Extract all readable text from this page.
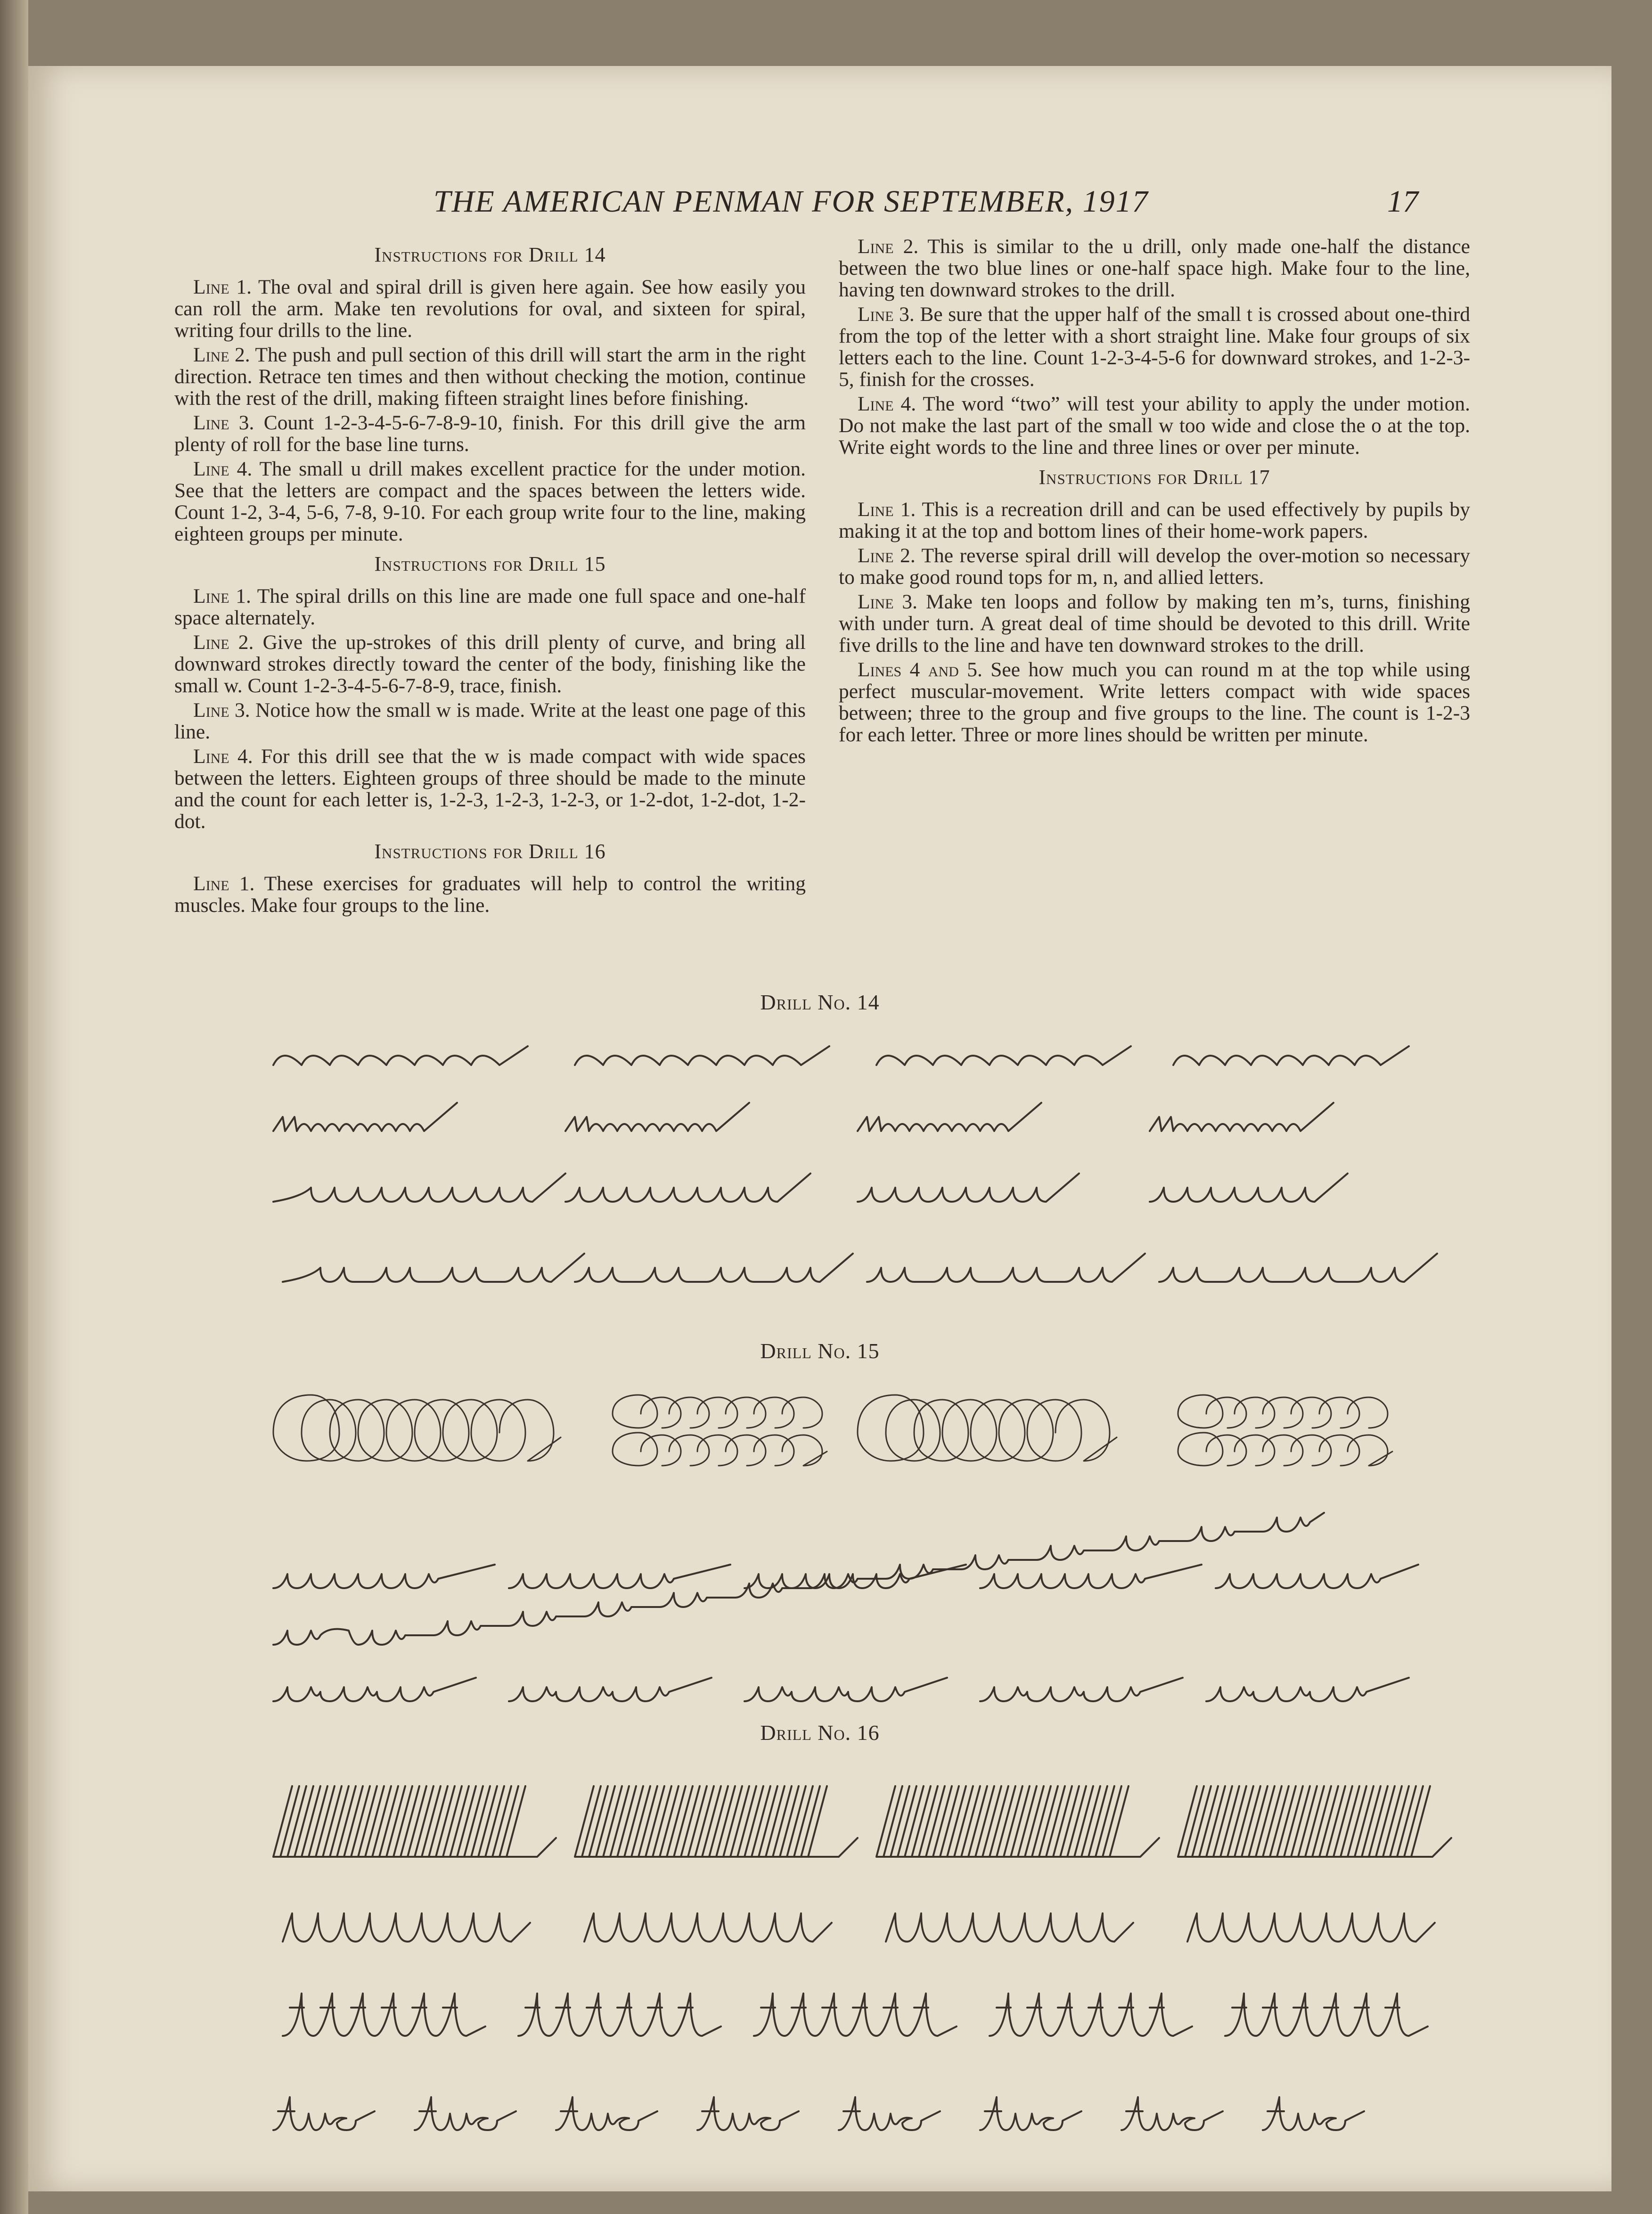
THE AMERICAN PENMAN FOR SEPTEMBER, 1917	17
Instructions for Drill 14

Line 1. The oval and spiral drill is given here again. See how easily you can roll the arm. Make ten revolutions for oval, and sixteen for spiral, writing four drills to the line.

Line 2. The push and pull section of this drill will start the arm in the right direction. Retrace ten times and then without checking the motion, continue with the rest of the drill, making fifteen straight lines before finishing.

Line 3. Count 1-2-3-4-5-6-7-8-9-10, finish. For this drill give the arm plenty of roll for the base line turns.

Line 4. The small u drill makes excellent practice for the under motion. See that the letters are compact and the spaces between the letters wide. Count 1-2, 3-4, 5-6, 7-8, 9-10. For each group write four to the line, making eighteen groups per minute.

Instructions for Drill 15

Line 1. The spiral drills on this line are made one full space and one-half space alternately.

Line 2. Give the up-strokes of this drill plenty of curve, and bring all downward strokes directly toward the center of the body, finishing like the small w. Count 1-2-3-4-5-6-7-8-9, trace, finish.

Line 3. Notice how the small w is made. Write at the least one page of this line.

Line 4. For this drill see that the w is made compact with wide spaces between the letters. Eighteen groups of three should be made to the minute and the count for each letter is, 1-2-3, 1-2-3, 1-2-3, or 1-2-dot, 1-2-dot, 1-2-dot.

Instructions for Drill 16

Line 1. These exercises for graduates will help to control the writing muscles. Make four groups to the line.

Line 2. This is similar to the u drill, only made one-half the distance between the two blue lines or one-half space high. Make four to the line, having ten downward strokes to the drill.

Line 3. Be sure that the upper half of the small t is crossed about one-third from the top of the letter with a short straight line. Make four groups of six letters each to the line. Count 1-2-3-4-5-6 for downward strokes, and 1-2-3-5, finish for the crosses.

Line 4. The word “two” will test your ability to apply the under motion. Do not make the last part of the small w too wide and close the o at the top. Write eight words to the line and three lines or over per minute.

Instructions for Drill 17

Line 1. This is a recreation drill and can be used effectively by pupils by making it at the top and bottom lines of their home-work papers.

Line 2. The reverse spiral drill will develop the over-motion so necessary to make good round tops for m, n, and allied letters.

Line 3. Make ten loops and follow by making ten m’s, turns, finishing with under turn. A great deal of time should be devoted to this drill. Write five drills to the line and have ten downward strokes to the drill.

Lines 4 and 5. See how much you can round m at the top while using perfect muscular-movement. Write letters compact with wide spaces between; three to the group and five groups to the line. The count is 1-2-3 for each letter. Three or more lines should be written per minute.

Drill No. 14
Drill No. 15
Drill No. 16
